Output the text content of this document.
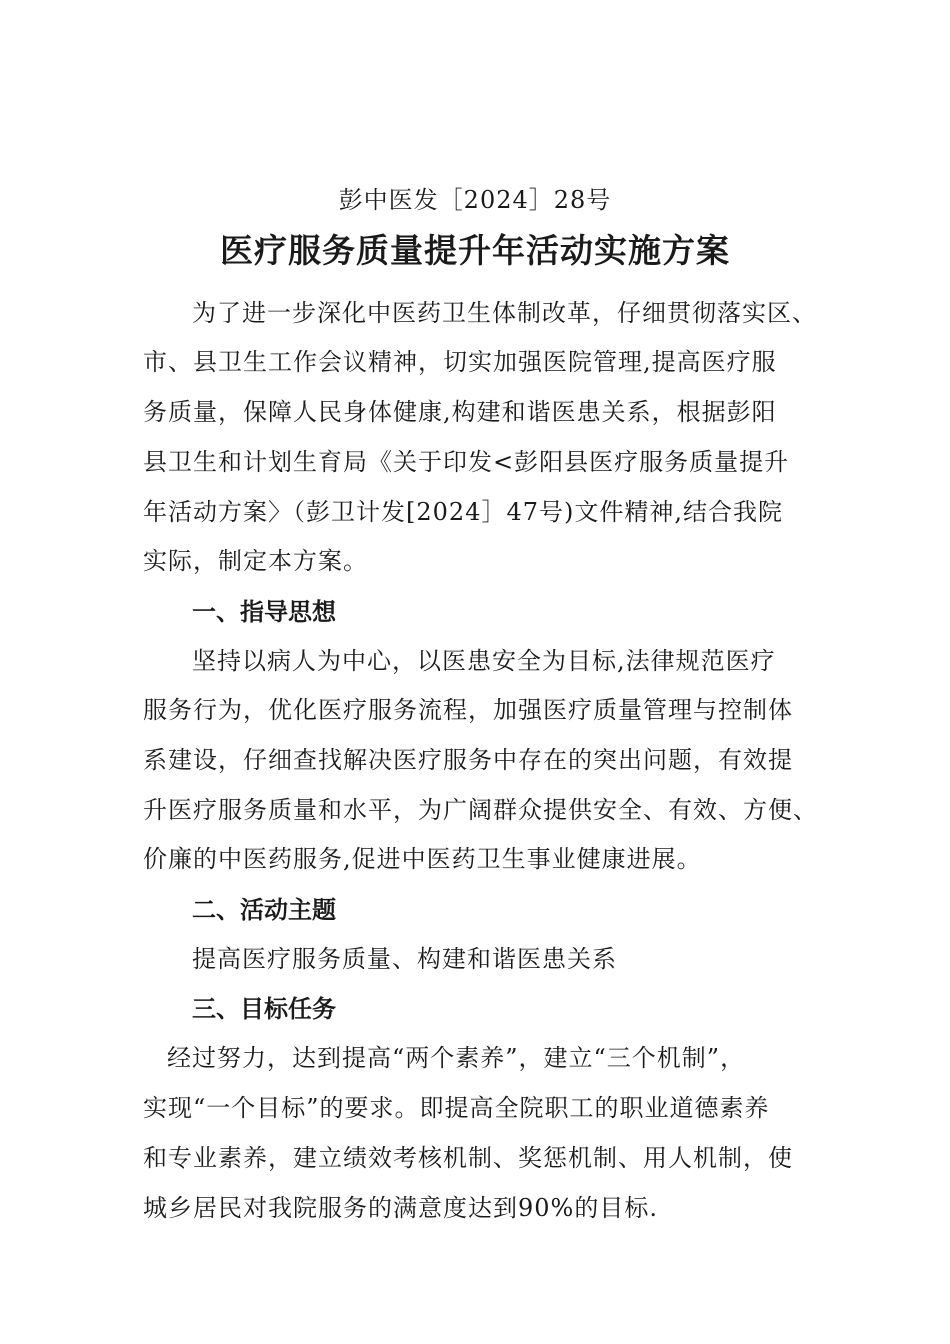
彭中医发［2024］28号
医疗服务质量提升年活动实施方案
为了进一步深化中医药卫生体制改革，仔细贯彻落实区、
市、县卫生工作会议精神，切实加强医院管理,提高医疗服
务质量，保障人民身体健康,构建和谐医患关系，根据彭阳
县卫生和计划生育局《关于印发<彭阳县医疗服务质量提升
年活动方案〉（彭卫计发[2024］47号)文件精神,结合我院
实际，制定本方案。
一、指导思想
坚持以病人为中心，以医患安全为目标,法律规范医疗
服务行为，优化医疗服务流程，加强医疗质量管理与控制体
系建设，仔细查找解决医疗服务中存在的突出问题，有效提
升医疗服务质量和水平，为广阔群众提供安全、有效、方便、
价廉的中医药服务,促进中医药卫生事业健康进展。
二、活动主题
提高医疗服务质量、构建和谐医患关系
三、目标任务
经过努力，达到提高“两个素养”，建立“三个机制”，
实现“一个目标”的要求。即提高全院职工的职业道德素养
和专业素养，建立绩效考核机制、奖惩机制、用人机制，使
城乡居民对我院服务的满意度达到90%的目标.
